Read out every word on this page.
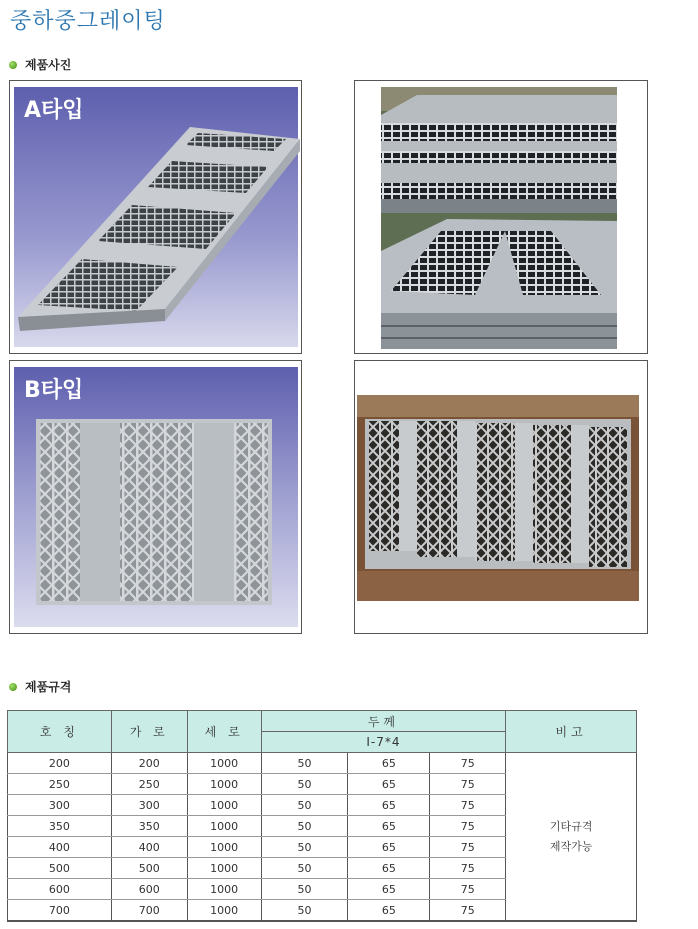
중하중그레이팅
제품사진
A타입
B타입
제품규격
호 칭	가 로	세 로	두께			비고
			I-7*4			
200	200	1000	50	65	75	기타규격
제작가능

250	250	1000	50	65	75	
300	300	1000	50	65	75	
350	350	1000	50	65	75	
400	400	1000	50	65	75	
500	500	1000	50	65	75	
600	600	1000	50	65	75	
700	700	1000	50	65	75	
